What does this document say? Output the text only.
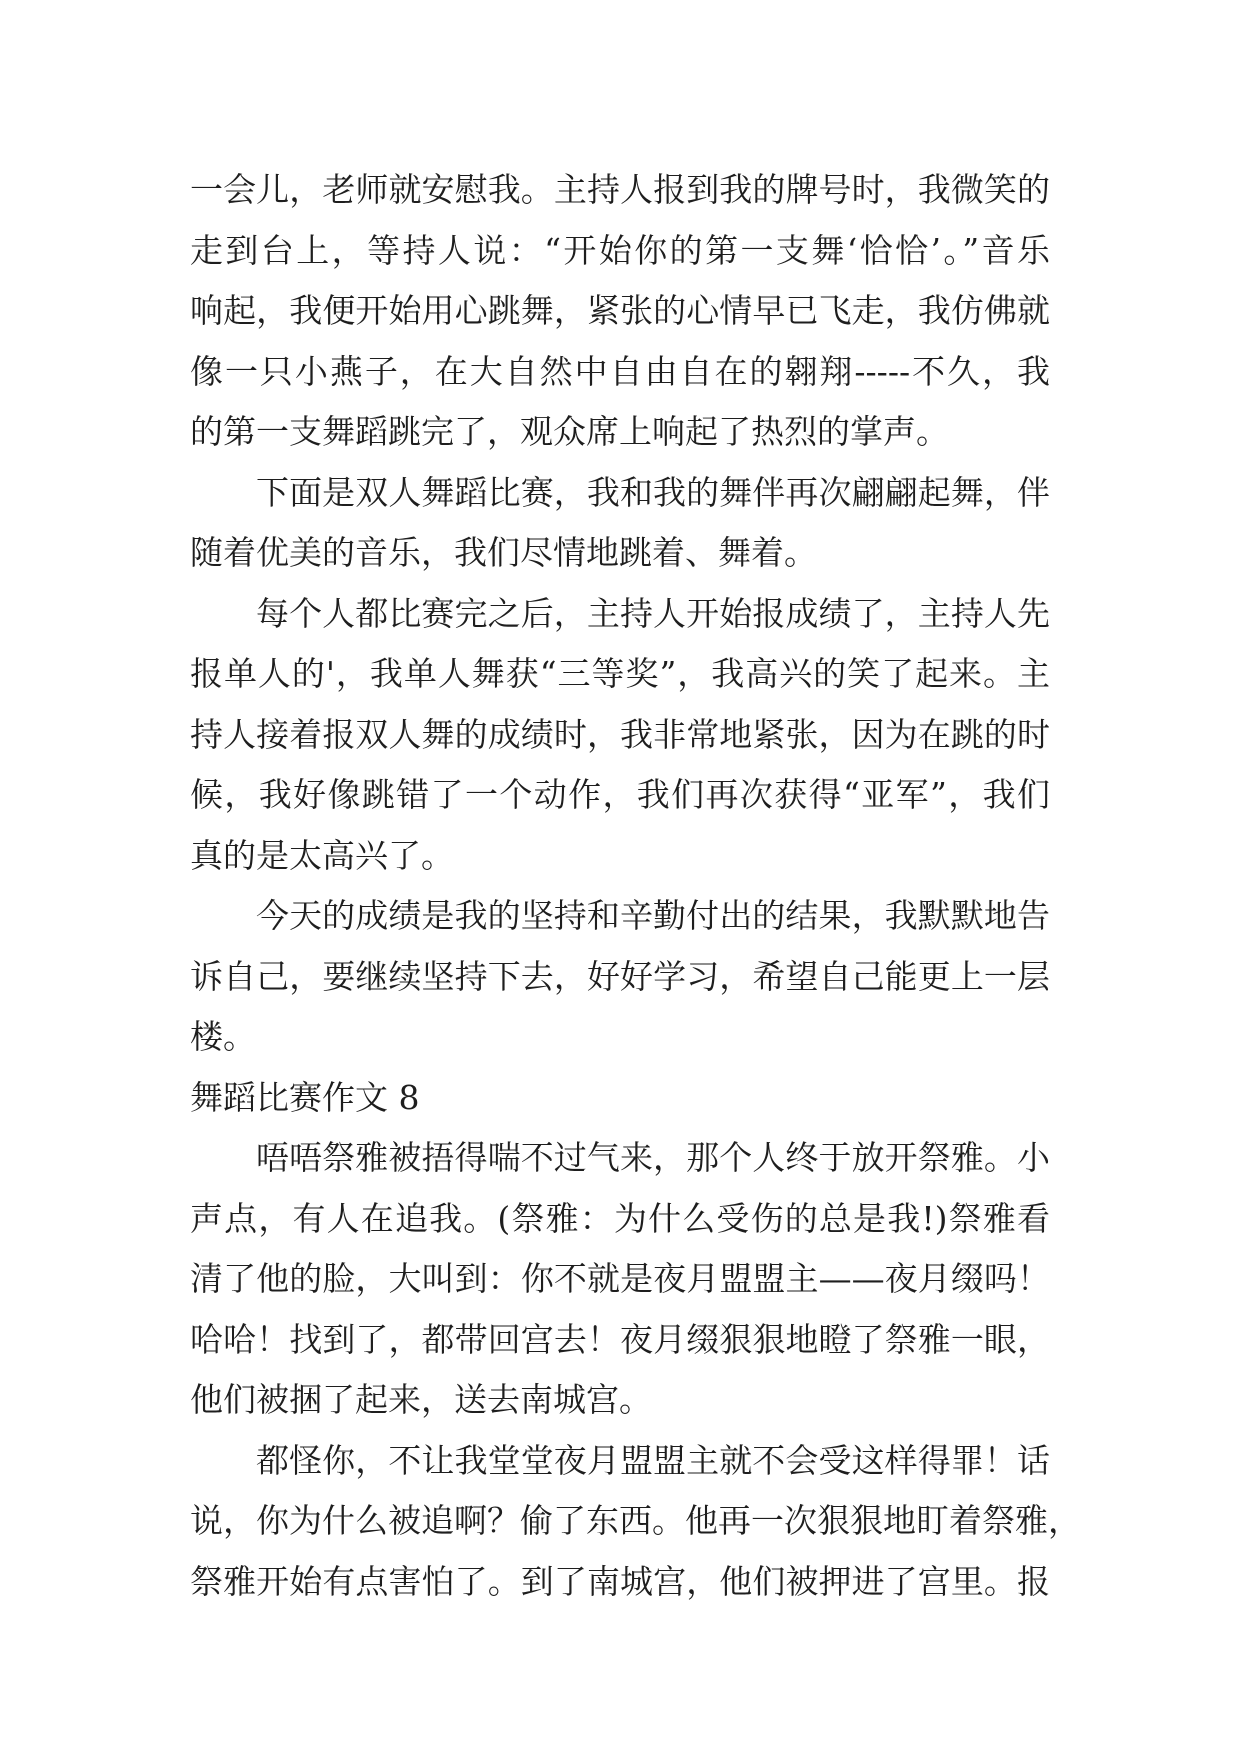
一会儿，老师就安慰我。主持人报到我的牌号时，我微笑的
走到台上，等持人说：“开始你的第一支舞‘恰恰’。”音乐
响起，我便开始用心跳舞，紧张的心情早已飞走，我仿佛就
像一只小燕子，在大自然中自由自在的翱翔-----不久，我
的第一支舞蹈跳完了，观众席上响起了热烈的掌声。
下面是双人舞蹈比赛，我和我的舞伴再次翩翩起舞，伴
随着优美的音乐，我们尽情地跳着、舞着。
每个人都比赛完之后，主持人开始报成绩了，主持人先
报单人的'，我单人舞获“三等奖”，我高兴的笑了起来。主
持人接着报双人舞的成绩时，我非常地紧张，因为在跳的时
候，我好像跳错了一个动作，我们再次获得“亚军”，我们
真的是太高兴了。
今天的成绩是我的坚持和辛勤付出的结果，我默默地告
诉自己，要继续坚持下去，好好学习，希望自己能更上一层
楼。
舞蹈比赛作文 8
唔唔祭雅被捂得喘不过气来，那个人终于放开祭雅。小
声点，有人在追我。(祭雅：为什么受伤的总是我!)祭雅看
清了他的脸，大叫到：你不就是夜月盟盟主——夜月缀吗！
哈哈！找到了，都带回宫去！夜月缀狠狠地瞪了祭雅一眼，
他们被捆了起来，送去南城宫。
都怪你，不让我堂堂夜月盟盟主就不会受这样得罪！话
说，你为什么被追啊？偷了东西。他再一次狠狠地盯着祭雅，
祭雅开始有点害怕了。到了南城宫，他们被押进了宫里。报
